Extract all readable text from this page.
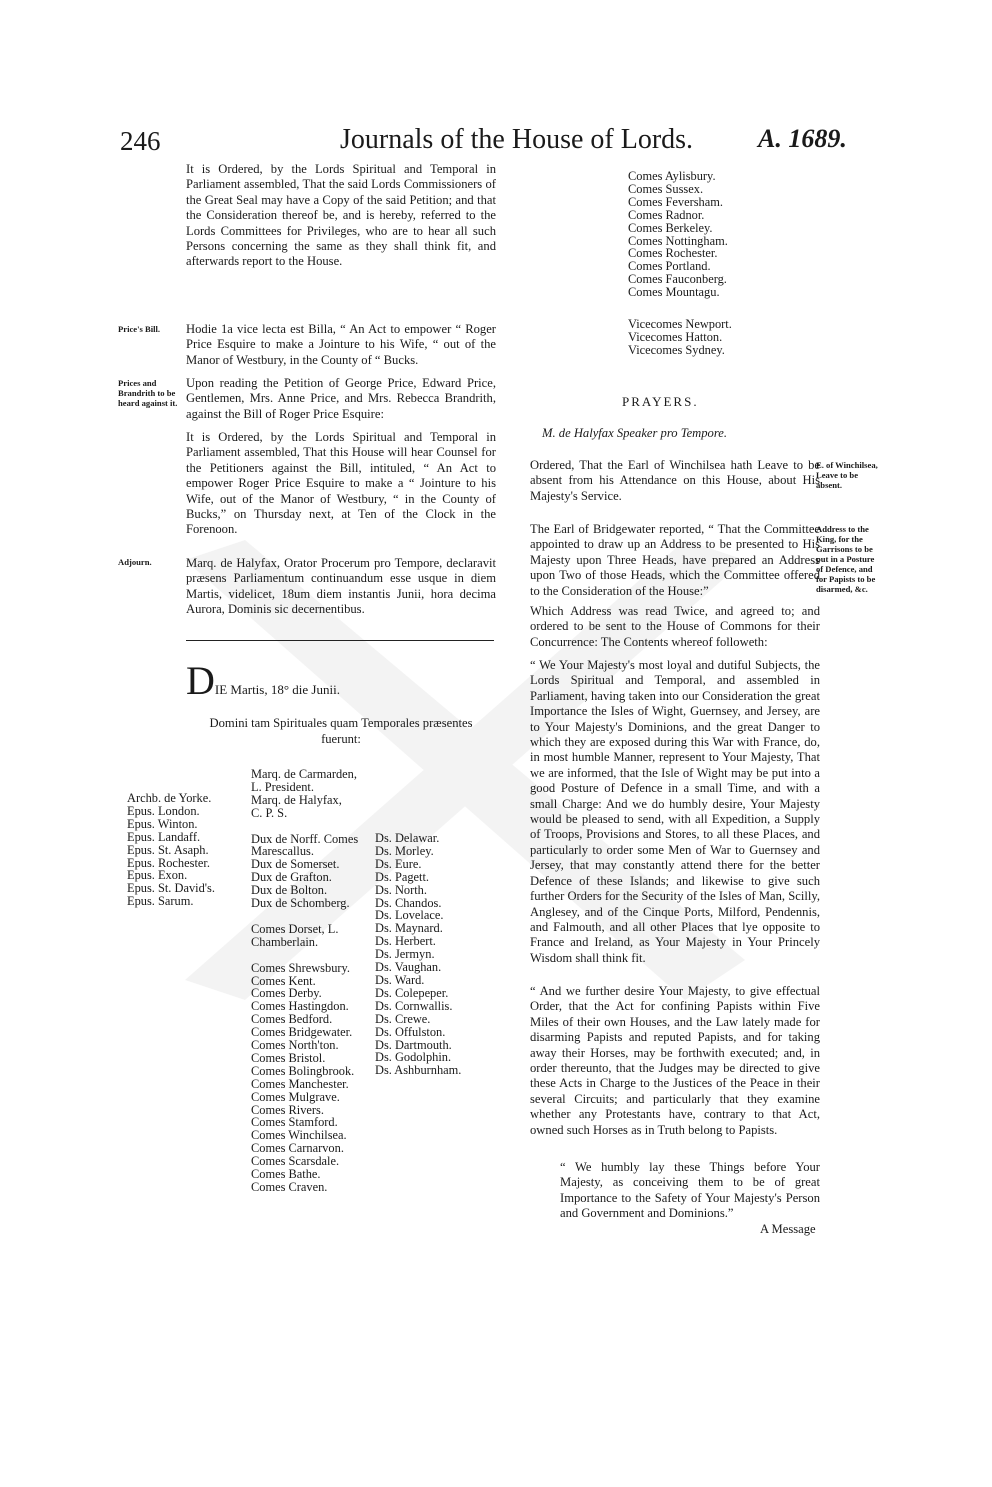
246	Journals of the House of Lords. A. 1689.

It is Ordered, by the Lords Spiritual and Temporal in Parliament assembled, That the said Lords Commissioners of the Great Seal may have a Copy of the said Petition; and that the Consideration thereof be, and is hereby, referred to the Lords Committees for Privileges, who are to hear all such Persons concerning the same as they shall think fit, and afterwards report to the House.

Price's Bill.	Hodie 1a vice lecta est Billa, “ An Act to empower “ Roger Price Esquire to make a Jointure to his Wife, “ out of the Manor of Westbury, in the County of “ Bucks.

Prices and Brandrith to be heard against it.

Upon reading the Petition of George Price, Edward Price, Gentlemen, Mrs. Anne Price, and Mrs. Rebecca Brandrith, against the Bill of Roger Price Esquire:

It is Ordered, by the Lords Spiritual and Temporal in Parliament assembled, That this House will hear Counsel for the Petitioners against the Bill, intituled, “ An Act to empower Roger Price Esquire to make a “ Jointure to his Wife, out of the Manor of Westbury, “ in the County of Bucks,” on Thursday next, at Ten of the Clock in the Forenoon.

Adjourn.	Marq. de Halyfax, Orator Procerum pro Tempore, declaravit præsens Parliamentum continuandum esse usque in diem Martis, videlicet, 18um diem instantis Junii, hora decima Aurora, Dominis sic decernentibus.

DIE Martis, 18° die Junii.
Domini tam Spirituales quam Temporales præsentes
fuerunt:
Archb. de Yorke.
Epus. London.
Epus. Winton.
Epus. Landaff.
Epus. St. Asaph.
Epus. Rochester.
Epus. Exon.
Epus. St. David's.
Epus. Sarum.
Marq. de Carmarden,
L. President.
Marq. de Halyfax,
C. P. S.

Dux de Norff. Comes
Marescallus.
Dux de Somerset.
Dux de Grafton.
Dux de Bolton.
Dux de Schomberg.

Comes Dorset, L.
Chamberlain.

Comes Shrewsbury.
Comes Kent.
Comes Derby.
Comes Hastingdon.
Comes Bedford.
Comes Bridgewater.
Comes North'ton.
Comes Bristol.
Comes Bolingbrook.
Comes Manchester.
Comes Mulgrave.
Comes Rivers.
Comes Stamford.
Comes Winchilsea.
Comes Carnarvon.
Comes Scarsdale.
Comes Bathe.
Comes Craven.
Ds. Delawar.
Ds. Morley.
Ds. Eure.
Ds. Pagett.
Ds. North.
Ds. Chandos.
Ds. Lovelace.
Ds. Maynard.
Ds. Herbert.
Ds. Jermyn.
Ds. Vaughan.
Ds. Ward.
Ds. Colepeper.
Ds. Cornwallis.
Ds. Crewe.
Ds. Offulston.
Ds. Dartmouth.
Ds. Godolphin.
Ds. Ashburnham.
Comes Aylisbury.
Comes Sussex.
Comes Feversham.
Comes Radnor.
Comes Berkeley.
Comes Nottingham.
Comes Rochester.
Comes Portland.
Comes Fauconberg.
Comes Mountagu.
Vicecomes Newport.
Vicecomes Hatton.
Vicecomes Sydney.
PRAYERS.
M. de Halyfax Speaker pro Tempore.

Ordered, That the Earl of Winchilsea hath Leave to be absent from his Attendance on this House, about His Majesty's Service.

E. of Winchilsea, Leave to be absent.

The Earl of Bridgewater reported, “ That the Committee appointed to draw up an Address to be presented to His Majesty upon Three Heads, have prepared an Address upon Two of those Heads, which the Committee offered to the Consideration of the House:”

Address to the King, for the Garrisons to be put in a Posture of Defence, and for Papists to be disarmed, &c.

Which Address was read Twice, and agreed to; and ordered to be sent to the House of Commons for their Concurrence: The Contents whereof followeth:

“ We Your Majesty's most loyal and dutiful Subjects, the Lords Spiritual and Temporal, and assembled in Parliament, having taken into our Consideration the great Importance the Isles of Wight, Guernsey, and Jersey, are to Your Majesty's Dominions, and the great Danger to which they are exposed during this War with France, do, in most humble Manner, represent to Your Majesty, That we are informed, that the Isle of Wight may be put into a good Posture of Defence in a small Time, and with a small Charge: And we do humbly desire, Your Majesty would be pleased to send, with all Expedition, a Supply of Troops, Provisions and Stores, to all these Places, and particularly to order some Men of War to Guernsey and Jersey, that may constantly attend there for the better Defence of these Islands; and likewise to give such further Orders for the Security of the Isles of Man, Scilly, Anglesey, and of the Cinque Ports, Milford, Pendennis, and Falmouth, and all other Places that lye opposite to France and Ireland, as Your Majesty in Your Princely Wisdom shall think fit.

“ And we further desire Your Majesty, to give effectual Order, that the Act for confining Papists within Five Miles of their own Houses, and the Law lately made for disarming Papists and reputed Papists, and for taking away their Horses, may be forthwith executed; and, in order thereunto, that the Judges may be directed to give these Acts in Charge to the Justices of the Peace in their several Circuits; and particularly that they examine whether any Protestants have, contrary to that Act, owned such Horses as in Truth belong to Papists.

“ We humbly lay these Things before Your Majesty, as conceiving them to be of great Importance to the Safety of Your Majesty's Person and Government and Dominions.”

A Message
